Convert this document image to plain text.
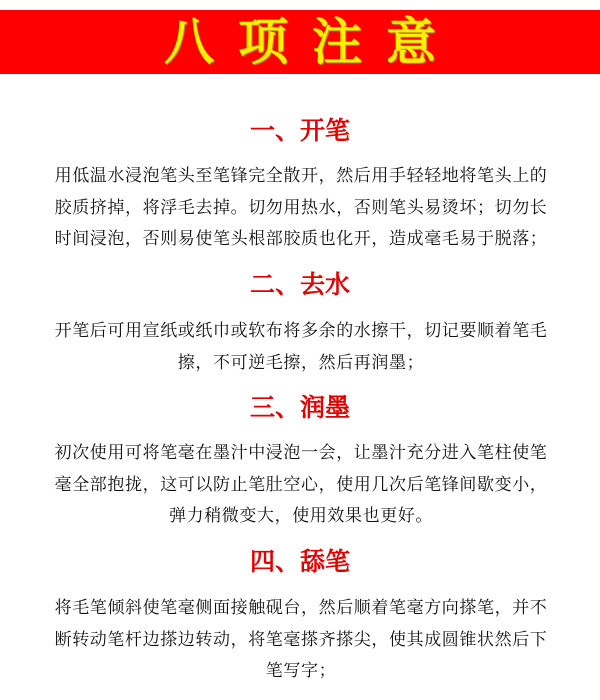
八项注意
一、开笔
用低温水浸泡笔头至笔锋完全散开，然后用手轻轻地将笔头上的
胶质挤掉，将浮毛去掉。切勿用热水，否则笔头易烫坏；切勿长
时间浸泡，否则易使笔头根部胶质也化开，造成毫毛易于脱落；
二、去水
开笔后可用宣纸或纸巾或软布将多余的水擦干，切记要顺着笔毛
擦，不可逆毛擦，然后再润墨；
三、润墨
初次使用可将笔毫在墨汁中浸泡一会，让墨汁充分进入笔柱使笔
毫全部抱拢，这可以防止笔肚空心，使用几次后笔锋间歇变小，
弹力稍微变大，使用效果也更好。
四、舔笔
将毛笔倾斜使笔毫侧面接触砚台，然后顺着笔毫方向搽笔，并不
断转动笔杆边搽边转动，将笔毫搽齐搽尖，使其成圆锥状然后下
笔写字；
